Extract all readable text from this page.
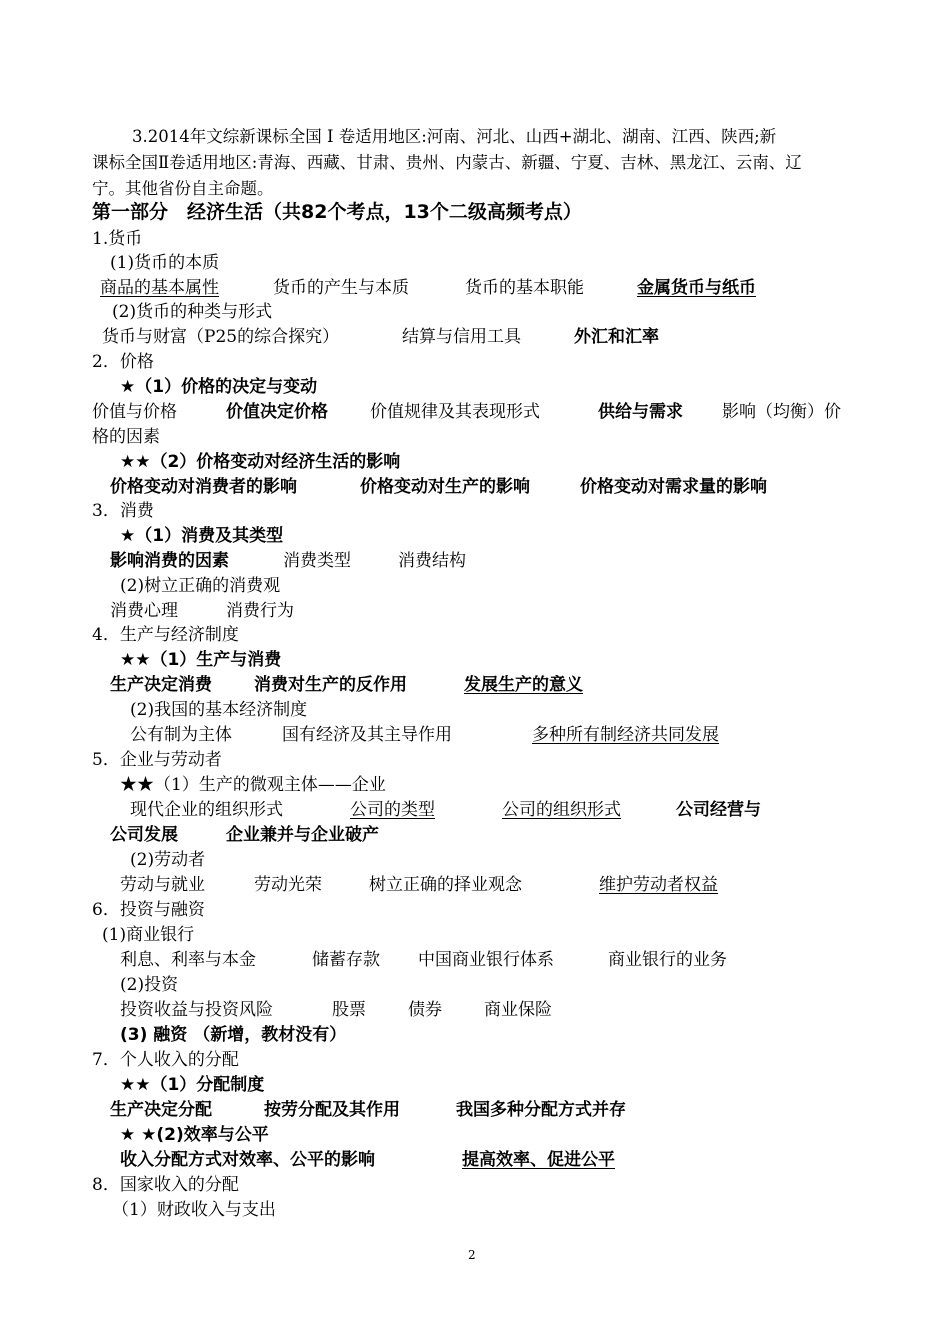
3.2014年文综新课标全国 Ⅰ 卷适用地区:河南、河北、山西+湖北、湖南、江西、陕西;新
课标全国Ⅱ卷适用地区:青海、西藏、甘肃、贵州、内蒙古、新疆、宁夏、吉林、黑龙江、云南、辽
宁。其他省份自主命题。
第一部分　经济生活（共82个考点，13个二级高频考点）
1.货币
(1)货币的本质
商品的基本属性	货币的产生与本质	货币的基本职能	金属货币与纸币
(2)货币的种类与形式
货币与财富（P25的综合探究）	结算与信用工具	外汇和汇率
2．价格
★（1）价格的决定与变动
价值与价格	价值决定价格 价值规律及其表现形式	供给与需求 影响（均衡）价
格的因素
★★（2）价格变动对经济生活的影响
价格变动对消费者的影响	价格变动对生产的影响	价格变动对需求量的影响
3．消费
★（1）消费及其类型
影响消费的因素	消费类型	消费结构
(2)树立正确的消费观
消费心理	消费行为
4．生产与经济制度
★★（1）生产与消费
生产决定消费 消费对生产的反作用	发展生产的意义
(2)我国的基本经济制度
公有制为主体	国有经济及其主导作用	多种所有制经济共同发展
5．企业与劳动者
★★（1）生产的微观主体——企业
现代企业的组织形式	公司的类型	公司的组织形式	公司经营与
公司发展	企业兼并与企业破产
(2)劳动者
劳动与就业	劳动光荣	树立正确的择业观念	维护劳动者权益
6．投资与融资
(1)商业银行
利息、利率与本金	储蓄存款 中国商业银行体系	商业银行的业务
(2)投资
投资收益与投资风险	股票 债券 商业保险
(3) 融资 （新增，教材没有）
7．个人收入的分配
★★（1）分配制度
生产决定分配	按劳分配及其作用	我国多种分配方式并存
★ ★(2)效率与公平
收入分配方式对效率、公平的影响	提高效率、促进公平
8．国家收入的分配
（1）财政收入与支出
2
